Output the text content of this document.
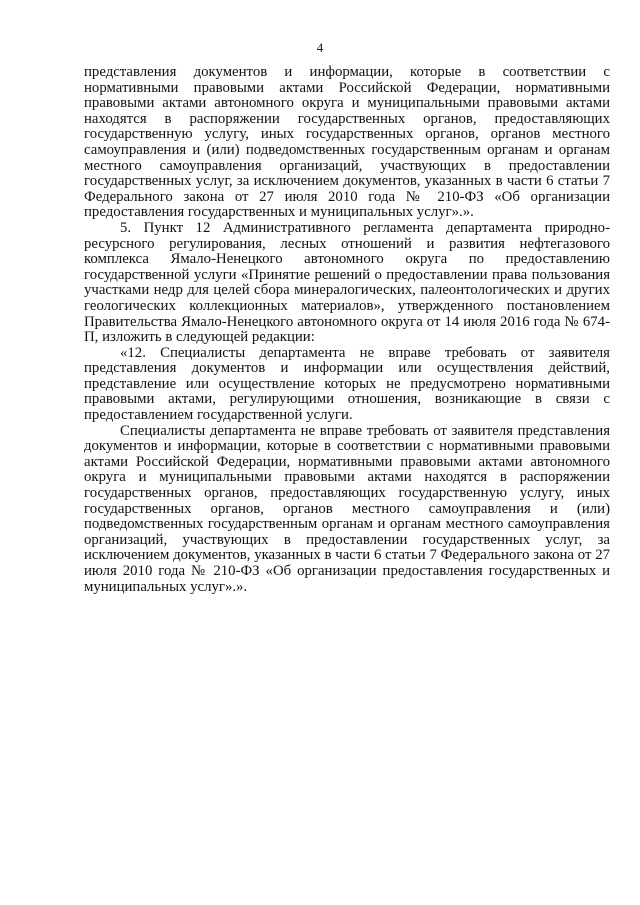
4

представления документов и информации, которые в соответствии с нормативными правовыми актами Российской Федерации, нормативными правовыми актами автономного округа и муниципальными правовыми актами находятся в распоряжении государственных органов, предоставляющих государственную услугу, иных государственных органов, органов местного самоуправления и (или) подведомственных государственным органам и органам местного самоуправления организаций, участвующих в предоставлении государственных услуг, за исключением документов, указанных в части 6 статьи 7 Федерального закона от 27 июля 2010 года № 210-ФЗ «Об организации предоставления государственных и муниципальных услуг».».

5. Пункт 12 Административного регламента департамента природно-ресурсного регулирования, лесных отношений и развития нефтегазового комплекса Ямало-Ненецкого автономного округа по предоставлению государственной услуги «Принятие решений о предоставлении права пользования участками недр для целей сбора минералогических, палеонтологических и других геологических коллекционных материалов», утвержденного постановлением Правительства Ямало-Ненецкого автономного округа от 14 июля 2016 года № 674-П, изложить в следующей редакции:

«12. Специалисты департамента не вправе требовать от заявителя представления документов и информации или осуществления действий, представление или осуществление которых не предусмотрено нормативными правовыми актами, регулирующими отношения, возникающие в связи с предоставлением государственной услуги.

Специалисты департамента не вправе требовать от заявителя представления документов и информации, которые в соответствии с нормативными правовыми актами Российской Федерации, нормативными правовыми актами автономного округа и муниципальными правовыми актами находятся в распоряжении государственных органов, предоставляющих государственную услугу, иных государственных органов, органов местного самоуправления и (или) подведомственных государственным органам и органам местного самоуправления организаций, участвующих в предоставлении государственных услуг, за исключением документов, указанных в части 6 статьи 7 Федерального закона от 27 июля 2010 года № 210-ФЗ «Об организации предоставления государственных и муниципальных услуг».».
